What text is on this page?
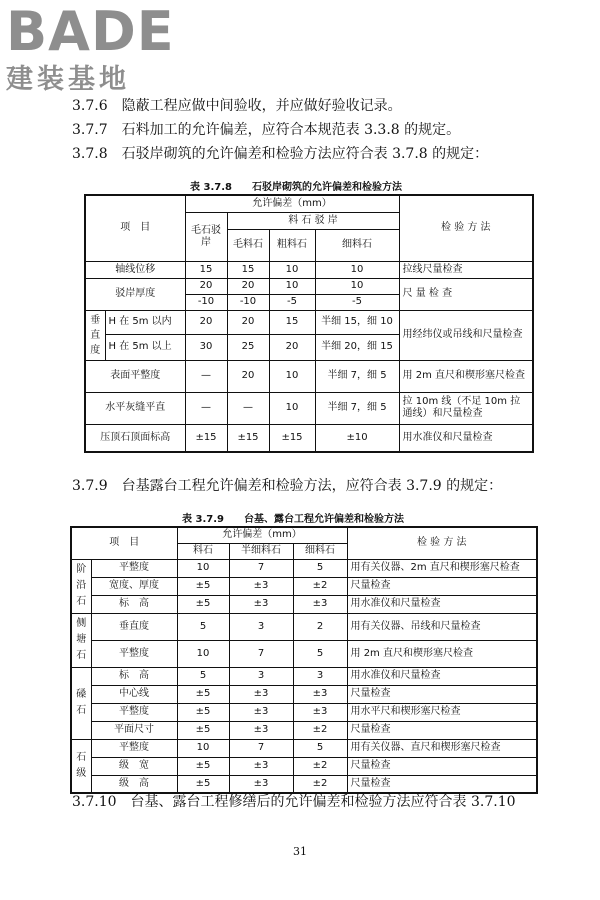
BADE
建装基地
3.7.6　 隐蔽工程应做中间验收，并应做好验收记录。
3.7.7　 石料加工的允许偏差，应符合本规范表 3.3.8 的规定。
3.7.8　 石驳岸砌筑的允许偏差和检验方法应符合表 3.7.8 的规定：
表 3.7.8　　石驳岸砌筑的允许偏差和检验方法
项　目		允许偏差（mm）				检 验 方 法
		毛石驳岸	料 石 驳 岸			
			毛料石	粗料石	细料石	
轴线位移		15	15	10	10	拉线尺量检查
驳岸厚度		20	20	10	10	尺 量 检 查
		-10	-10	-5	-5	
垂直度	H 在 5m 以内	20	20	15	半细 15，细 10	用经纬仪或吊线和尺量检查
	H 在 5m 以上	30	25	20	半细 20，细 15	
表面平整度		—	20	10	半细 7，细 5	用 2m 直尺和楔形塞尺检查
水平灰缝平直		—	—	10	半细 7，细 5	拉 10m 线（不足 10m 拉通线）和尺量检查
压顶石顶面标高		±15	±15	±15	±10	用水准仪和尺量检查
3.7.9　 台基露台工程允许偏差和检验方法，应符合表 3.7.9 的规定：
表 3.7.9　　台基、露台工程允许偏差和检验方法
项　目		允许偏差（mm）			检 验 方 法
		料石	半细料石	细料石	
阶沿石	平整度	10	7	5	用有关仪器、2m 直尺和楔形塞尺检查
	宽度、厚度	±5	±3	±2	尺量检查
	标　高	±5	±3	±3	用水准仪和尺量检查
侧塘石	垂直度	5	3	2	用有关仪器、吊线和尺量检查
	平整度	10	7	5	用 2m 直尺和楔形塞尺检查
磉石	标　高	5	3	3	用水准仪和尺量检查
	中心线	±5	±3	±3	尺量检查
	平整度	±5	±3	±3	用水平尺和楔形塞尺检查
	平面尺寸	±5	±3	±2	尺量检查
石级	平整度	10	7	5	用有关仪器、直尺和楔形塞尺检查
	级　宽	±5	±3	±2	尺量检查
	级　高	±5	±3	±2	尺量检查
3.7.10　 台基、露台工程修缮后的允许偏差和检验方法应符合表 3.7.10
31
